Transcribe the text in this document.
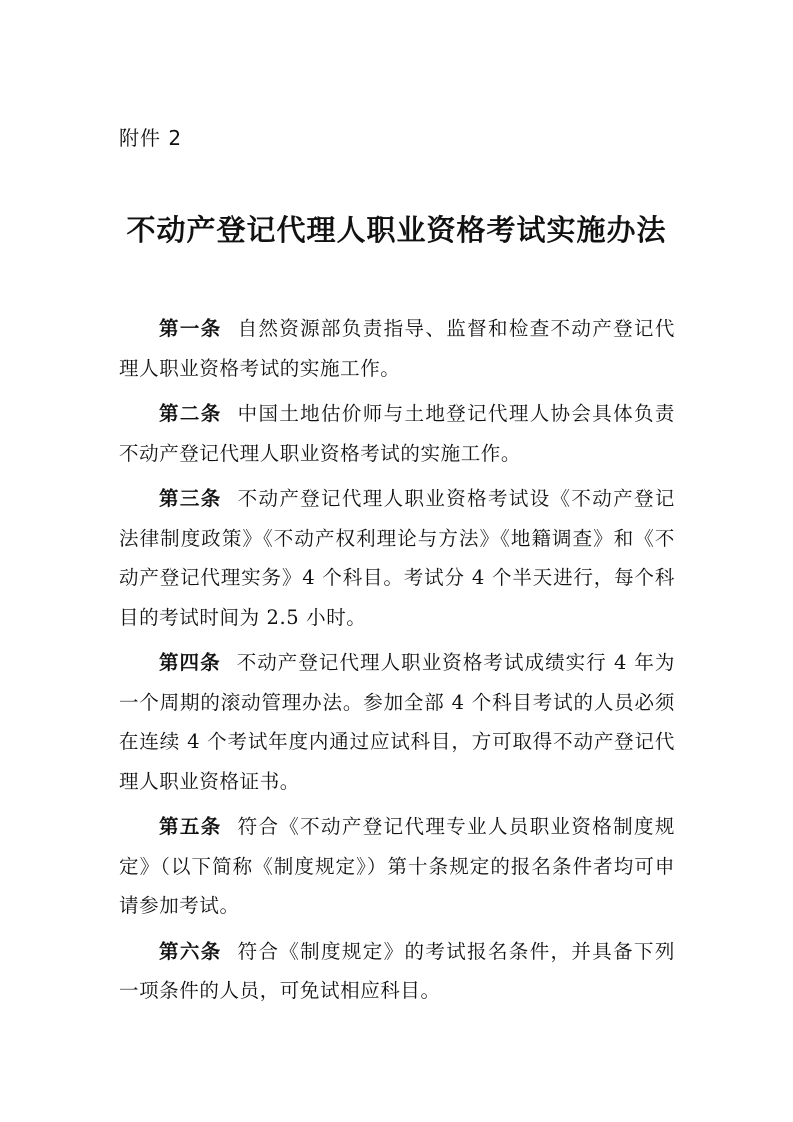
附件 2
不动产登记代理人职业资格考试实施办法

第一条 自然资源部负责指导、监督和检查不动产登记代理人职业资格考试的实施工作。

第二条 中国土地估价师与土地登记代理人协会具体负责不动产登记代理人职业资格考试的实施工作。

第三条 不动产登记代理人职业资格考试设《不动产登记法律制度政策》《不动产权利理论与方法》《地籍调查》和《不动产登记代理实务》4 个科目。考试分 4 个半天进行，每个科目的考试时间为 2.5 小时。

第四条 不动产登记代理人职业资格考试成绩实行 4 年为一个周期的滚动管理办法。参加全部 4 个科目考试的人员必须在连续 4 个考试年度内通过应试科目，方可取得不动产登记代理人职业资格证书。

第五条 符合《不动产登记代理专业人员职业资格制度规定》（以下简称《制度规定》）第十条规定的报名条件者均可申请参加考试。

第六条 符合《制度规定》的考试报名条件，并具备下列一项条件的人员，可免试相应科目。
